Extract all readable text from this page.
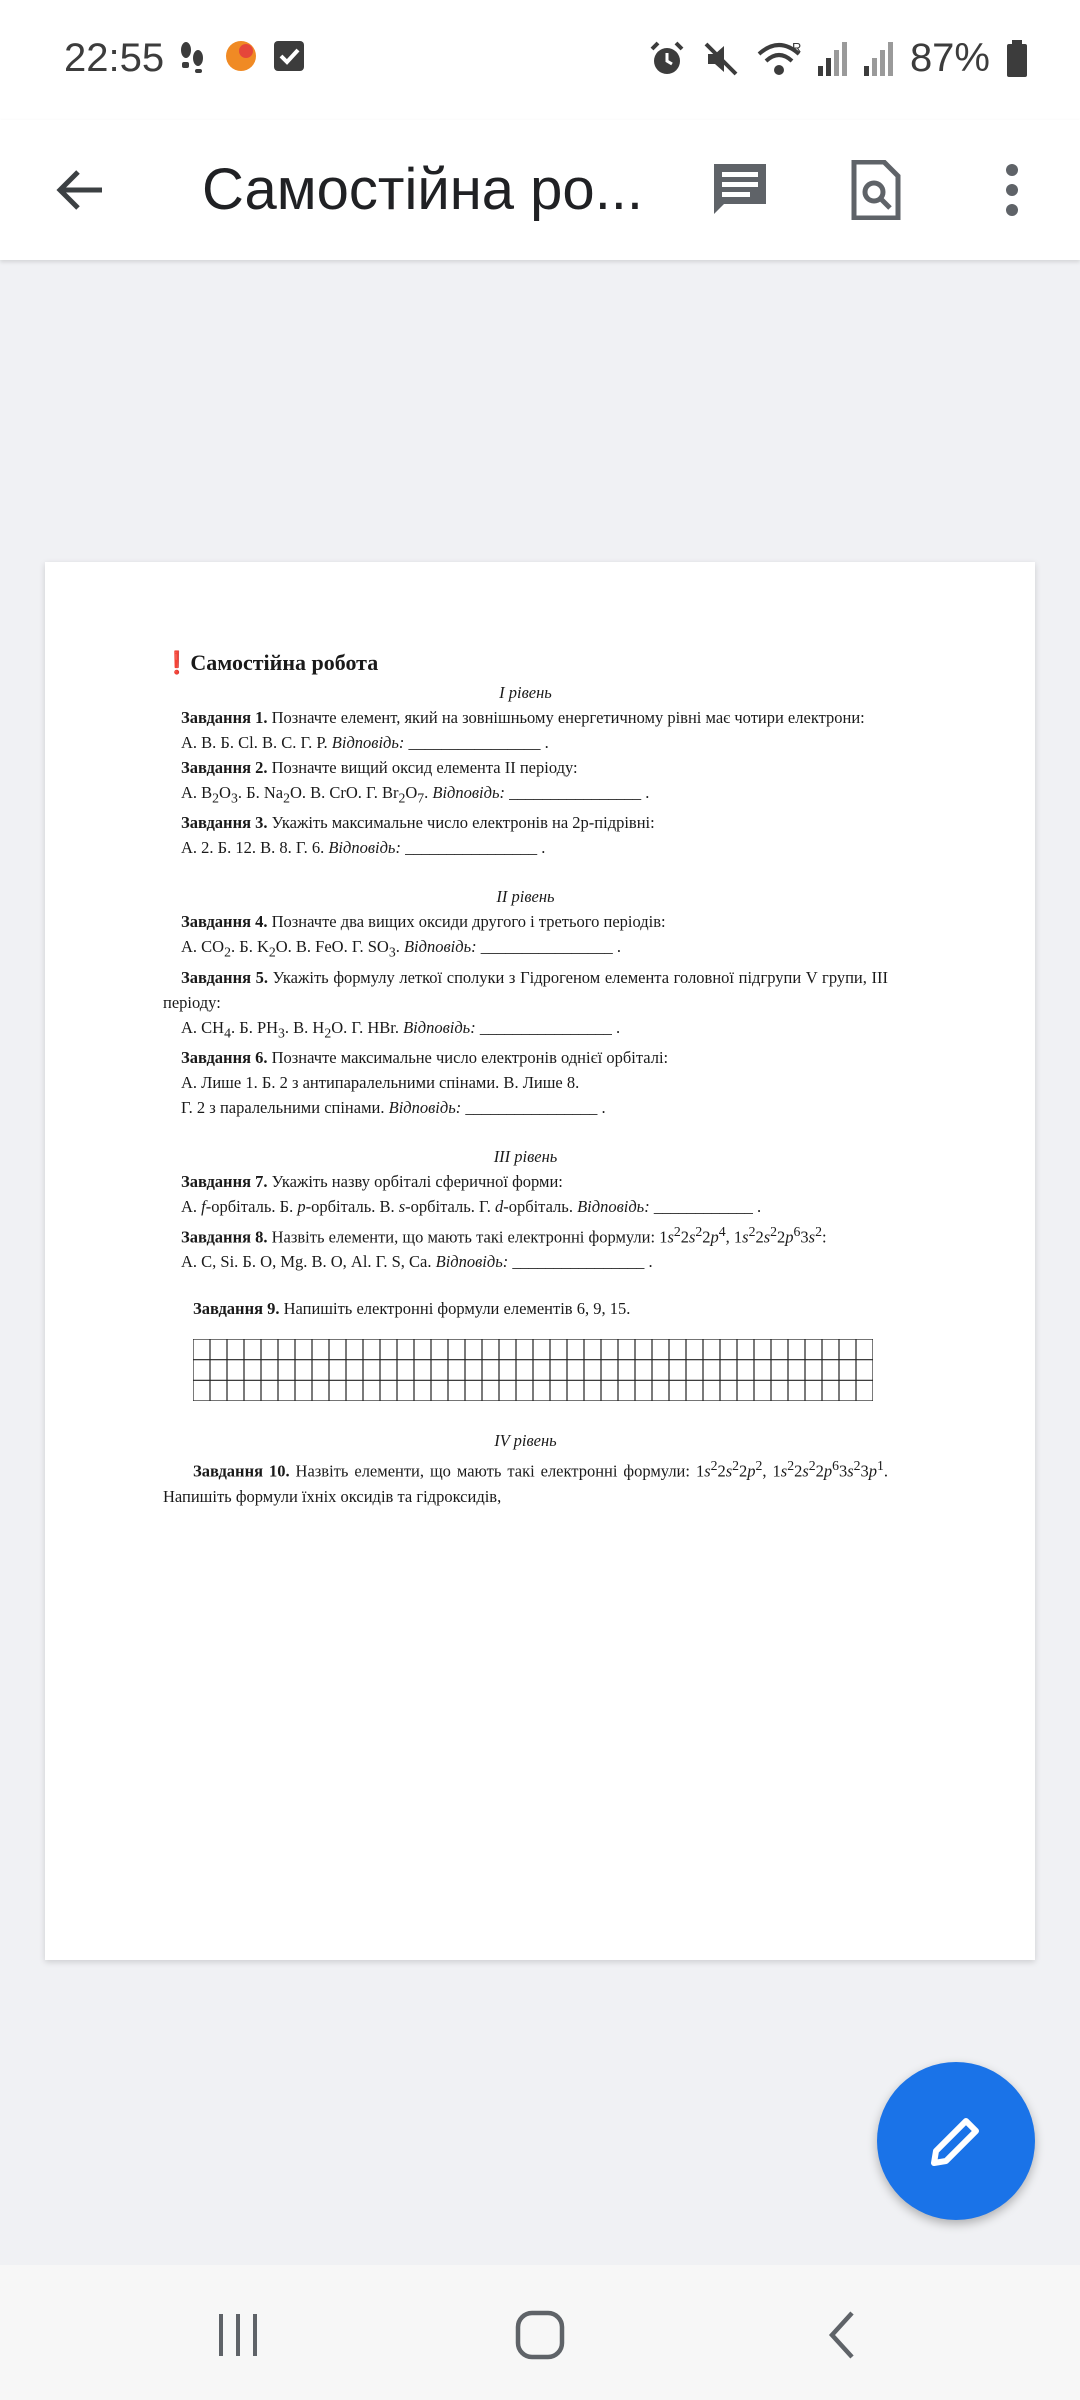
22:55	R	87%
Самостійна ро...
❗Самостійна робота
І рівень

Завдання 1. Позначте елемент, який на зовнішньому енергетичному рівні має чотири електрони:

А. В. Б. Cl. В. С. Г. Р. Відповідь: ________________ .

Завдання 2. Позначте вищий оксид елемента II періоду:

А. $B_2O_3$. Б. $Na_2O$. В. CrO. Г. $Br_2O_7$. Відповідь: ________________ .

Завдання 3. Укажіть максимальне число електронів на 2р-підрівні:

А. 2. Б. 12. В. 8. Г. 6. Відповідь: ________________ .

ІІ рівень

Завдання 4. Позначте два вищих оксиди другого і третього періодів:

А. $CO_2$. Б. $K_2O$. В. FeO. Г. $SO_3$. Відповідь: ________________ .

Завдання 5. Укажіть формулу леткої сполуки з Гідрогеном елемента головної підгрупи V групи, III періоду:

А. $CH_4$. Б. $PH_3$. В. $H_2O$. Г. HBr. Відповідь: ________________ .

Завдання 6. Позначте максимальне число електронів однієї орбіталі:

А. Лише 1. Б. 2 з антипаралельними спінами. В. Лише 8.

Г. 2 з паралельними спінами. Відповідь: ________________ .

ІІІ рівень

Завдання 7. Укажіть назву орбіталі сферичної форми:

А. f-орбіталь. Б. р-орбіталь. В. s-орбіталь. Г. d-орбіталь. Відповідь: ____________ .

Завдання 8. Назвіть елементи, що мають такі електронні формули: $1s^22s^22p^4$, $1s^22s^22p^63s^2$:

А. С, Si. Б. О, Mg. В. О, Al. Г. S, Ca. Відповідь: ________________ .

Завдання 9. Напишіть електронні формули елементів 6, 9, 15.

IV рівень

Завдання 10. Назвіть елементи, що мають такі електронні формули: $1s^22s^22p^2$, $1s^22s^22p^63s^23p^1$. Напишіть формули їхніх оксидів та гідроксидів,
